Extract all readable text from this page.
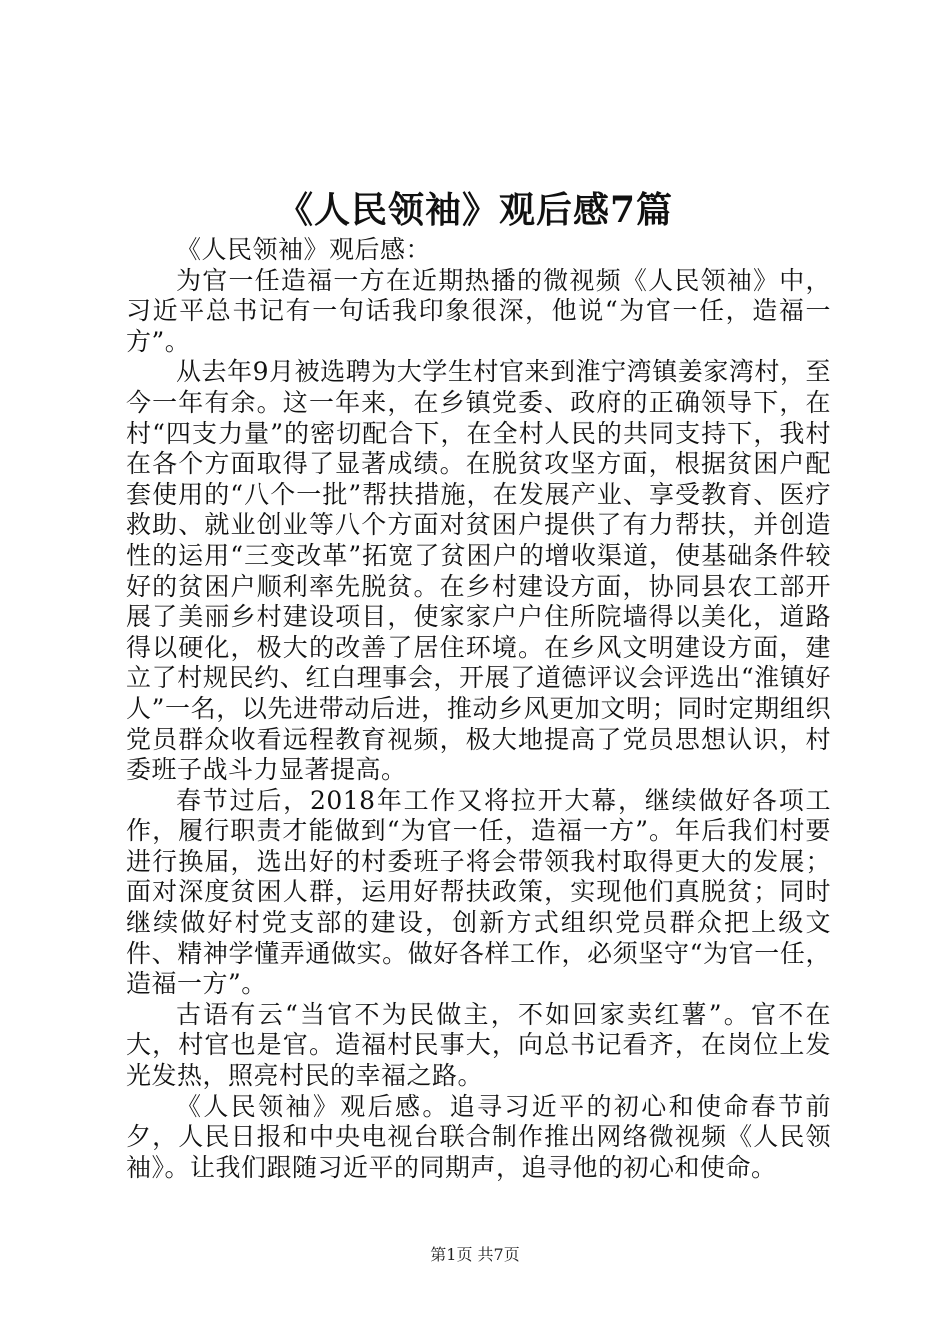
《人民领袖》观后感7篇

《人民领袖》观后感：

为官一任造福一方在近期热播的微视频《人民领袖》中，习近平总书记有一句话我印象很深，他说“为官一任，造福一方”。

从去年9月被选聘为大学生村官来到淮宁湾镇姜家湾村，至今一年有余。这一年来，在乡镇党委、政府的正确领导下，在村“四支力量”的密切配合下，在全村人民的共同支持下，我村在各个方面取得了显著成绩。在脱贫攻坚方面，根据贫困户配套使用的“八个一批”帮扶措施，在发展产业、享受教育、医疗救助、就业创业等八个方面对贫困户提供了有力帮扶，并创造性的运用“三变改革”拓宽了贫困户的增收渠道，使基础条件较好的贫困户顺利率先脱贫。在乡村建设方面，协同县农工部开展了美丽乡村建设项目，使家家户户住所院墙得以美化，道路得以硬化，极大的改善了居住环境。在乡风文明建设方面，建立了村规民约、红白理事会，开展了道德评议会评选出“淮镇好人”一名，以先进带动后进，推动乡风更加文明；同时定期组织党员群众收看远程教育视频，极大地提高了党员思想认识，村委班子战斗力显著提高。

春节过后，2018年工作又将拉开大幕，继续做好各项工作，履行职责才能做到“为官一任，造福一方”。年后我们村要进行换届，选出好的村委班子将会带领我村取得更大的发展；面对深度贫困人群，运用好帮扶政策，实现他们真脱贫；同时继续做好村党支部的建设，创新方式组织党员群众把上级文件、精神学懂弄通做实。做好各样工作，必须坚守“为官一任，造福一方”。

古语有云“当官不为民做主，不如回家卖红薯”。官不在大，村官也是官。造福村民事大，向总书记看齐，在岗位上发光发热，照亮村民的幸福之路。

《人民领袖》观后感。追寻习近平的初心和使命春节前夕，人民日报和中央电视台联合制作推出网络微视频《人民领袖》。让我们跟随习近平的同期声，追寻他的初心和使命。

第1页 共7页
